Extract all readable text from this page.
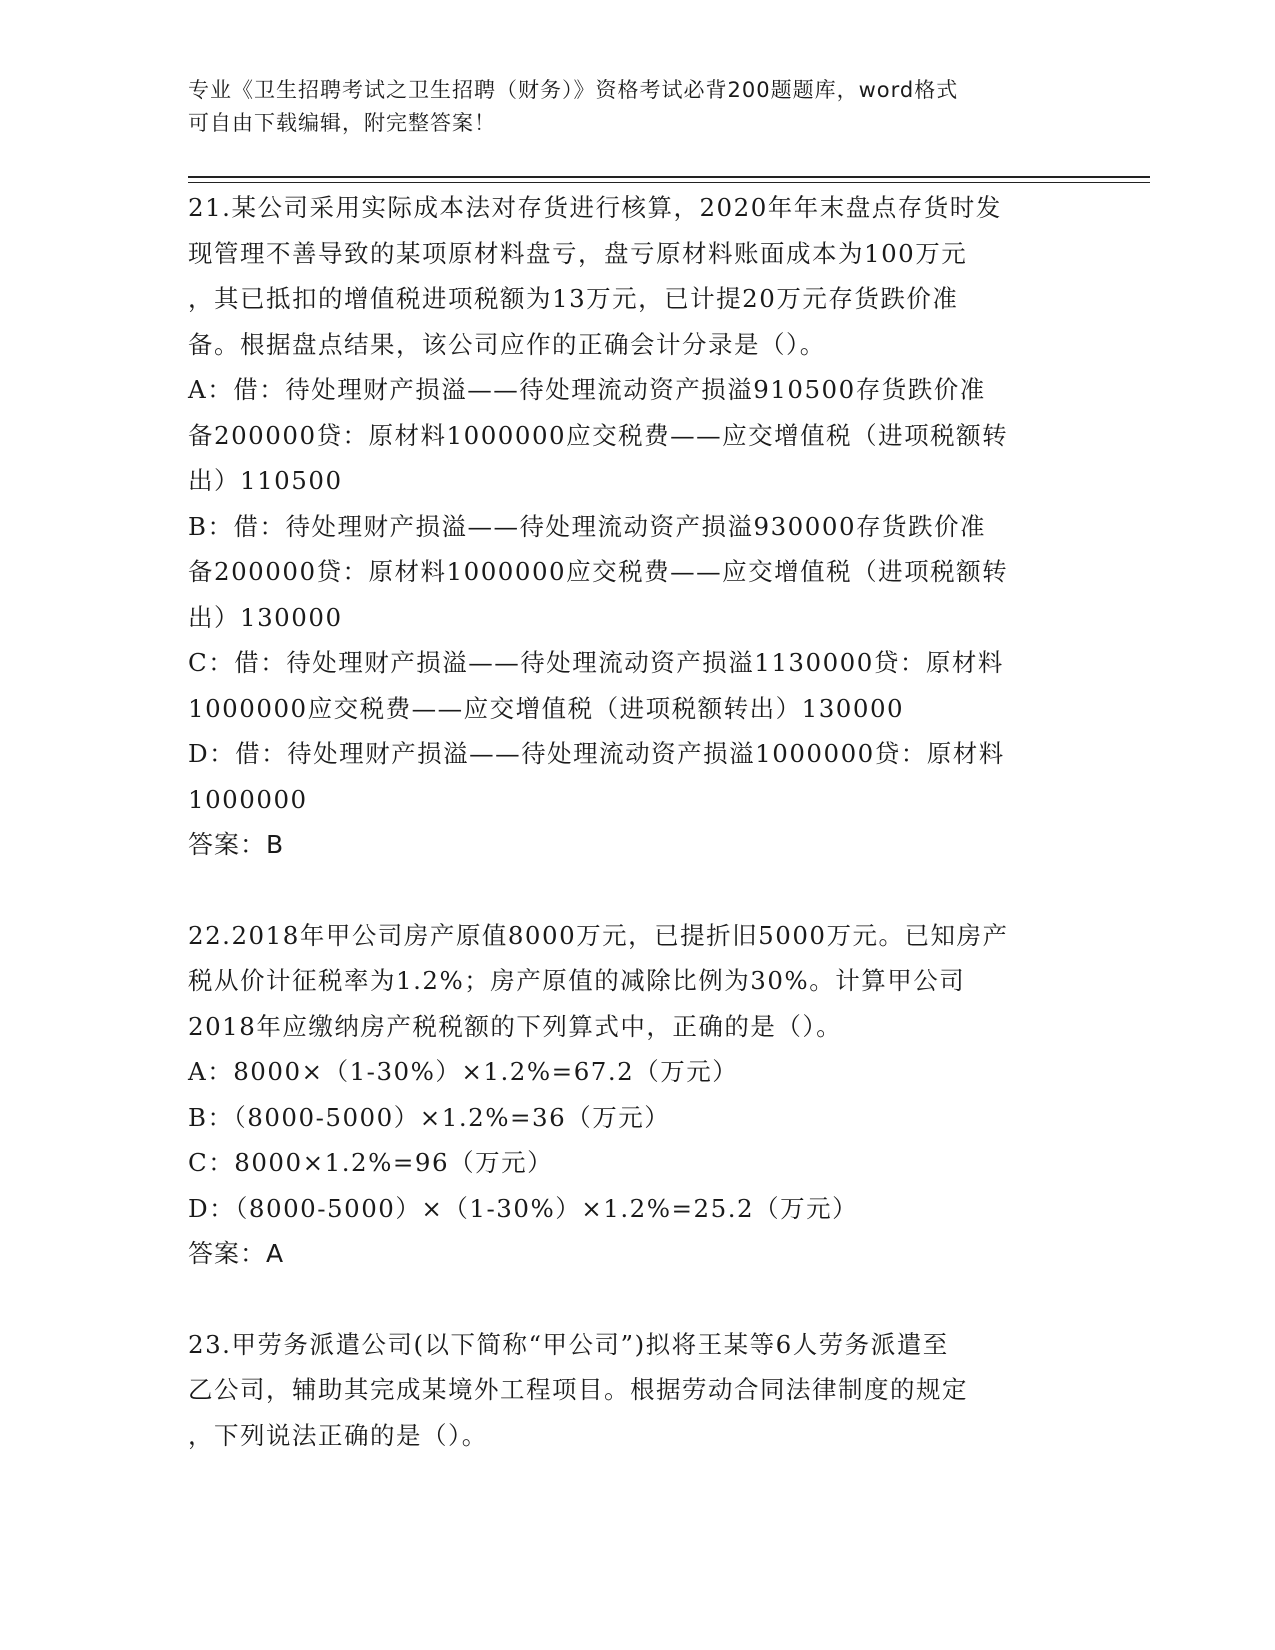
专业《卫生招聘考试之卫生招聘（财务）》资格考试必背200题题库，word格式
可自由下载编辑，附完整答案！

21.某公司采用实际成本法对存货进行核算，2020年年末盘点存货时发

现管理不善导致的某项原材料盘亏，盘亏原材料账面成本为100万元

，其已抵扣的增值税进项税额为13万元，已计提20万元存货跌价准

备。根据盘点结果，该公司应作的正确会计分录是（）。

A：借：待处理财产损溢——待处理流动资产损溢910500存货跌价准

备200000贷：原材料1000000应交税费——应交增值税（进项税额转

出）110500

B：借：待处理财产损溢——待处理流动资产损溢930000存货跌价准

备200000贷：原材料1000000应交税费——应交增值税（进项税额转

出）130000

C：借：待处理财产损溢——待处理流动资产损溢1130000贷：原材料

1000000应交税费——应交增值税（进项税额转出）130000

D：借：待处理财产损溢——待处理流动资产损溢1000000贷：原材料

1000000

答案：B

22.2018年甲公司房产原值8000万元，已提折旧5000万元。已知房产

税从价计征税率为1.2%；房产原值的减除比例为30%。计算甲公司

2018年应缴纳房产税税额的下列算式中，正确的是（）。

A：8000×（1-30%）×1.2%=67.2（万元）

B：（8000-5000）×1.2%=36（万元）

C：8000×1.2%=96（万元）

D：（8000-5000）×（1-30%）×1.2%=25.2（万元）

答案：A

23.甲劳务派遣公司(以下简称“甲公司”)拟将王某等6人劳务派遣至

乙公司，辅助其完成某境外工程项目。根据劳动合同法律制度的规定

，下列说法正确的是（）。
